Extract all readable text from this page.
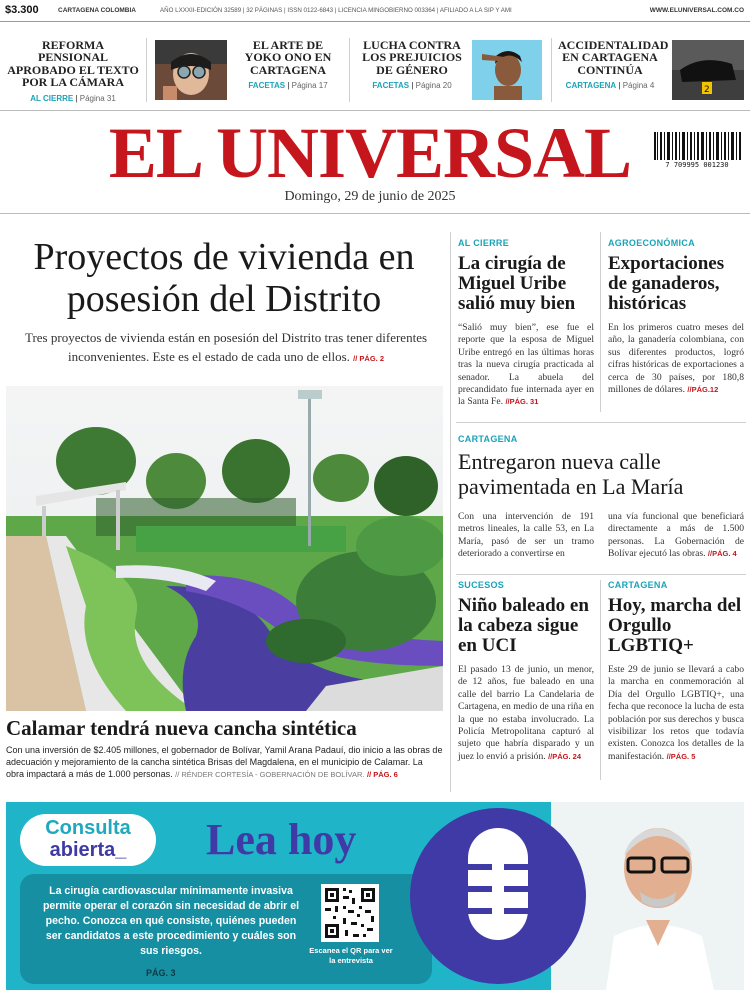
$3.300	CARTAGENA COLOMBIA	AÑO LXXXII-EDICIÓN 32589 | 32 PÁGINAS | ISSN 0122-6843 | LICENCIA MINGOBIERNO 003364 | AFILIADO A LA SIP Y AMI	WWW.ELUNIVERSAL.COM.CO
REFORMA PENSIONAL APROBADO EL TEXTO POR LA CÁMARA
AL CIERRE | Página 31
EL ARTE DE YOKO ONO EN CARTAGENA
FACETAS | Página 17
LUCHA CONTRA LOS PREJUICIOS DE GÉNERO
FACETAS | Página 20
ACCIDENTALIDAD EN CARTAGENA CONTINÚA
CARTAGENA | Página 4	2
EL UNIVERSAL	7 709995 001230
Domingo, 29 de junio de 2025
Proyectos de vivienda en posesión del Distrito
Tres proyectos de vivienda están en posesión del Distrito tras tener diferentes inconvenientes. Este es el estado de cada uno de ellos. // PÁG. 2
Calamar tendrá nueva cancha sintética
Con una inversión de $2.405 millones, el gobernador de Bolívar, Yamil Arana Padauí, dio inicio a las obras de adecuación y mejoramiento de la cancha sintética Brisas del Magdalena, en el municipio de Calamar. La obra impactará a más de 1.000 personas. // RÉNDER CORTESÍA - GOBERNACIÓN DE BOLÍVAR. // PÁG. 6
AL CIERRE
La cirugía de Miguel Uribe salió muy bien
“Salió muy bien”, ese fue el reporte que la esposa de Miguel Uribe entregó en las últimas horas tras la nueva cirugía practicada al senador. La abuela del precandidato fue internada ayer en la Santa Fe. //PÁG. 31
AGROECONÓMICA
Exportaciones de ganaderos, históricas
En los primeros cuatro meses del año, la ganadería colombiana, con sus diferentes productos, logró cifras históricas de exportaciones a cerca de 30 países, por 180,8 millones de dólares. //PÁG.12
CARTAGENA
Entregaron nueva calle pavimentada en La María
Con una intervención de 191 metros lineales, la calle 53, en La María, pasó de ser un tramo deteriorado a convertirse en
una vía funcional que beneficiará directamente a más de 1.500 personas. La Gobernación de Bolívar ejecutó las obras. //PÁG. 4
SUCESOS
Niño baleado en la cabeza sigue en UCI
El pasado 13 de junio, un menor, de 12 años, fue baleado en una calle del barrio La Candelaria de Cartagena, en medio de una riña en la que no estaba involucrado. La Policía Metropolitana capturó al sujeto que habría disparado y un juez lo envió a prisión. //PÁG. 24
CARTAGENA
Hoy, marcha del Orgullo LGBTIQ+
Este 29 de junio se llevará a cabo la marcha en conmemoración al Día del Orgullo LGBTIQ+, una fecha que reconoce la lucha de esta población por sus derechos y busca visibilizar los retos que todavía existen. Conozca los detalles de la manifestación. //PÁG. 5
Consulta
abierta_	Lea hoy
La cirugía cardiovascular mínimamente invasiva permite operar el corazón sin necesidad de abrir el pecho. Conozca en qué consiste, quiénes pueden ser candidatos a este procedimiento y cuáles son sus riesgos.
PÁG. 3
Escanea el QR para ver la entrevista
